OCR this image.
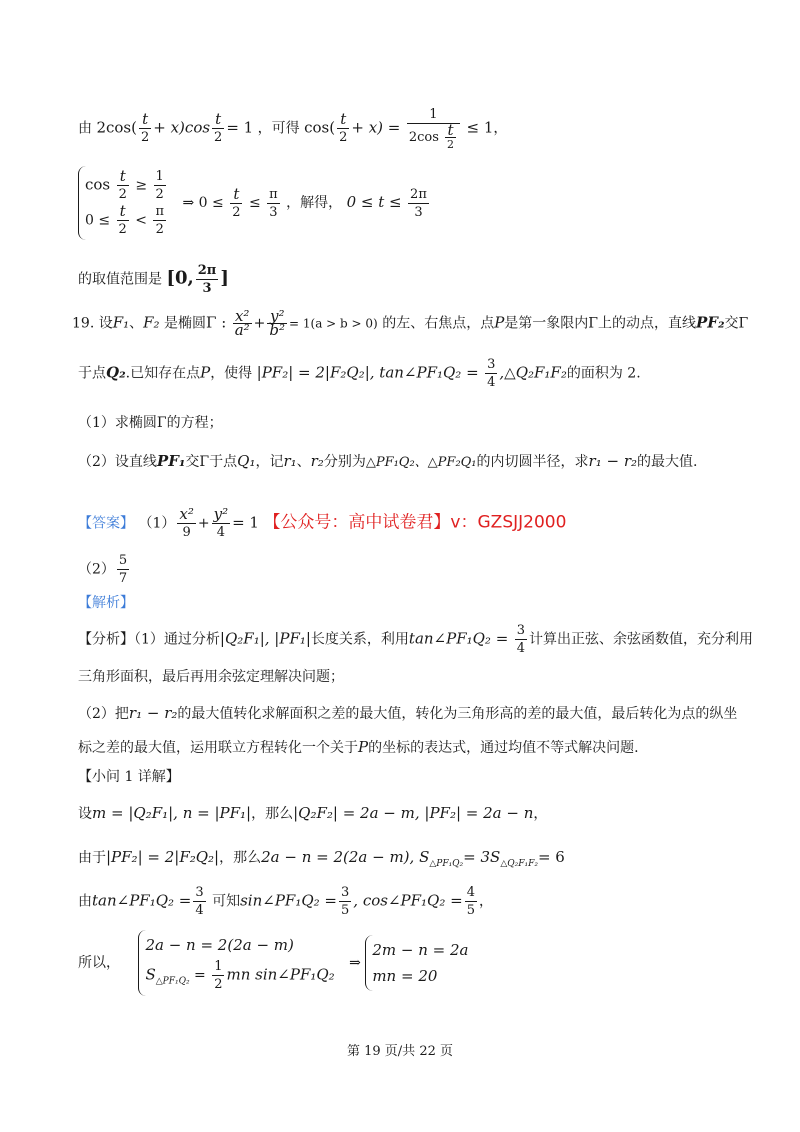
由 $2\cos( \frac{t}{2} + x)\cos \frac{t}{2} = 1$ ，可得 $\cos( \frac{t}{2} + x) = \frac{1}{2\cos \frac{t}{2}} \le 1$，
$\cos \frac{t}{2} \ge \frac{1}{2}$
$0 \le \frac{t}{2} < \frac{\pi}{2}$ ⇒ $0 \le \frac{t}{2} \le \frac{\pi}{3}$ ，解得， $0 \le t \le \frac{2\pi}{3}$
的取值范围是 [0, $\frac{2\pi}{3}$ ]
19. 设F₁、F₂ 是椭圆Γ : $\frac{\text{x²}}{\text{a²}} + \frac{\text{y²}}{\text{b²}} = 1(a > b > 0)$ 的左、右焦点，点P是第一象限内Γ上的动点，直线PF₂交Γ
于点Q₂.已知存在点P，使得 |PF₂| = 2|F₂Q₂|, tan∠PF₁Q₂ = $\frac{3}{4}$ ,△Q₂F₁F₂的面积为 2.
（1）求椭圆Γ的方程；
（2）设直线PF₁交Γ于点Q₁，记r₁、r₂分别为△PF₁Q₂、△PF₂Q₁的内切圆半径，求r₁ − r₂的最大值.
【答案】 $(1) \frac{\text{x²}}{9} + \frac{\text{y²}}{4} = 1$ 【公众号：高中试卷君】v：GZSJJ2000
$(2) \frac{5}{7}$
【解析】
【分析】（1）通过分析|Q₂F₁|, |PF₁|长度关系，利用tan∠PF₁Q₂ = $\frac{3}{4}$ 计算出正弦、余弦函数值，充分利用
三角形面积，最后再用余弦定理解决问题；
（2）把r₁ − r₂的最大值转化求解面积之差的最大值，转化为三角形高的差的最大值，最后转化为点的纵坐
标之差的最大值，运用联立方程转化一个关于P的坐标的表达式，通过均值不等式解决问题.
【小问 1 详解】
设m = |Q₂F₁|, n = |PF₁|，那么|Q₂F₂| = 2a − m, |PF₂| = 2a − n，
由于|PF₂| = 2|F₂Q₂|，那么2a − n = 2(2a − m), $S_{\triangle PF_1Q_2}= 3S_{\triangle Q_2F_1F_2}= 6$
由tan∠PF₁Q₂ = $\frac{3}{4}$ 可知sin∠PF₁Q₂ = $\frac{3}{5}$ , cos∠PF₁Q₂ = $\frac{4}{5}$ ，
所以，
2a − n = 2(2a − m)
$S_{\triangle PF_1Q_2} = \frac{1}{2}$ mn sin∠PF₁Q₂
⇒
2m − n = 2a
mn = 20
第 19 页/共 22 页
